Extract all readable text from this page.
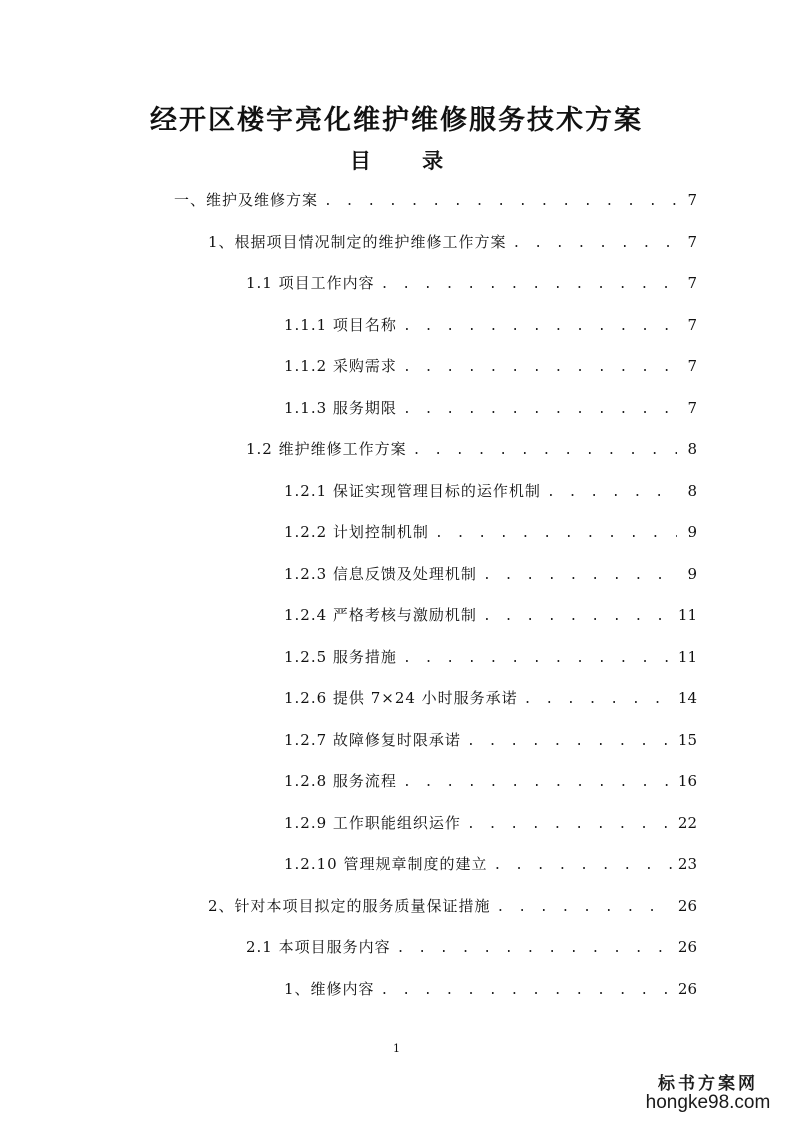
经开区楼宇亮化维护维修服务技术方案
目 录
一、维护及维修方案 . . .	7
1、根据项目情况制定的维护维修工作方案 . . .	7
1.1 项目工作内容 . . .	7
1.1.1 项目名称 . . .	7
1.1.2 采购需求 . . .	7
1.1.3 服务期限 . . .	7
1.2 维护维修工作方案 . . .	8
1.2.1 保证实现管理目标的运作机制 . . .	8
1.2.2 计划控制机制 . . .	9
1.2.3 信息反馈及处理机制 . . .	9
1.2.4 严格考核与激励机制 . . .	11
1.2.5 服务措施 . . .	11
1.2.6 提供 7×24 小时服务承诺 . . .	14
1.2.7 故障修复时限承诺 . . .	15
1.2.8 服务流程 . . .	16
1.2.9 工作职能组织运作 . . .	22
1.2.10 管理规章制度的建立 . . .	23
2、针对本项目拟定的服务质量保证措施 . . .	26
2.1 本项目服务内容 . . .	26
1、维修内容 . . .	26
1
标书方案网
hongke98.com
